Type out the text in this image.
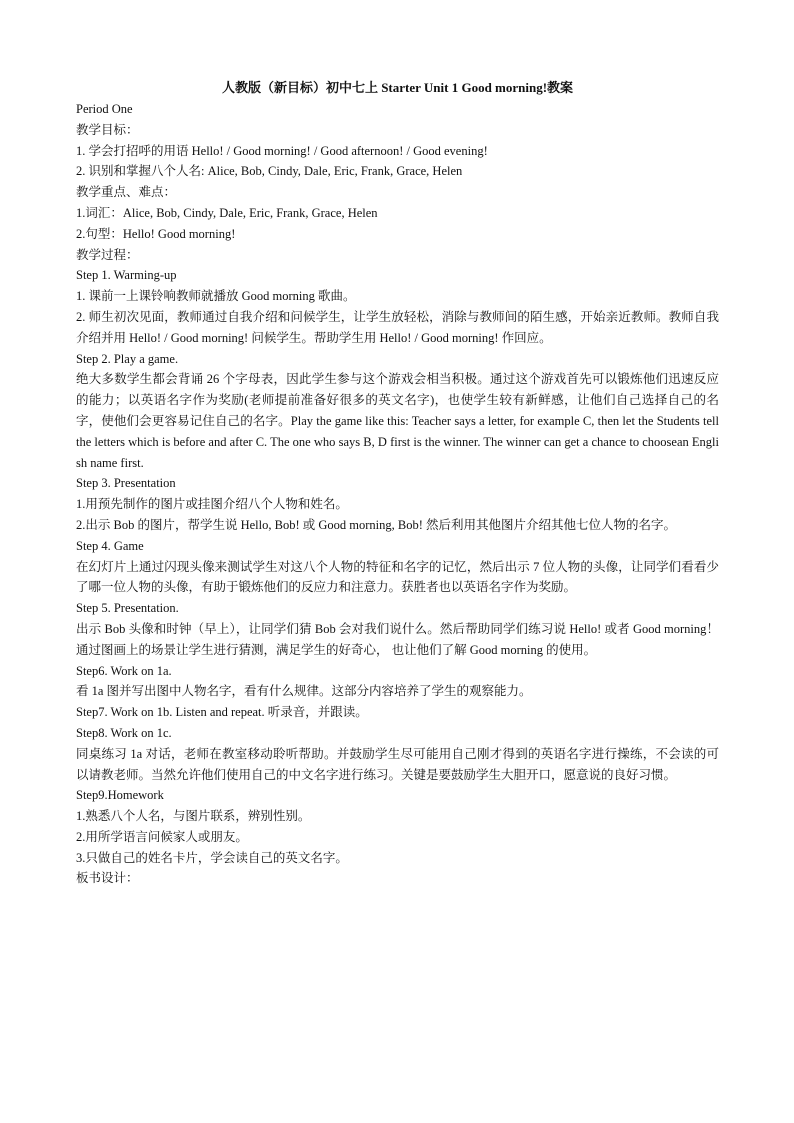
人教版（新目标）初中七上 Starter Unit 1 Good morning!教案

Period One

教学目标：

1. 学会打招呼的用语 Hello! / Good morning! / Good afternoon! / Good evening!

2. 识别和掌握八个人名: Alice, Bob, Cindy, Dale, Eric, Frank, Grace, Helen

教学重点、难点：

1.词汇：Alice, Bob, Cindy, Dale, Eric, Frank, Grace, Helen

2.句型：Hello! Good morning!

教学过程：

Step 1. Warming-up

1. 课前一上课铃响教师就播放 Good morning 歌曲。

2. 师生初次见面，教师通过自我介绍和问候学生，让学生放轻松，消除与教师间的陌生感，开始亲近教师。教师自我介绍并用 Hello! / Good morning! 问候学生。帮助学生用 Hello! / Good morning! 作回应。

Step 2. Play a game.

绝大多数学生都会背诵 26 个字母表，因此学生参与这个游戏会相当积极。通过这个游戏首先可以锻炼他们迅速反应的能力；以英语名字作为奖励(老师提前准备好很多的英文名字)，也使学生较有新鲜感，让他们自己选择自己的名字，使他们会更容易记住自己的名字。Play the game like this: Teacher says a letter, for example C, then let the Students tell the letters which is before and after C. The one who says B, D first is the winner. The winner can get a chance to choosean English name first.

Step 3. Presentation

1.用预先制作的图片或挂图介绍八个人物和姓名。

2.出示 Bob 的图片，帮学生说 Hello, Bob! 或 Good morning, Bob! 然后利用其他图片介绍其他七位人物的名字。

Step 4. Game

在幻灯片上通过闪现头像来测试学生对这八个人物的特征和名字的记忆，然后出示 7 位人物的头像，让同学们看看少了哪一位人物的头像，有助于锻炼他们的反应力和注意力。获胜者也以英语名字作为奖励。

Step 5. Presentation.

出示 Bob 头像和时钟（早上），让同学们猜 Bob 会对我们说什么。然后帮助同学们练习说 Hello! 或者 Good morning！通过图画上的场景让学生进行猜测，满足学生的好奇心， 也让他们了解 Good morning 的使用。

Step6. Work on 1a.

看 1a 图并写出图中人物名字，看有什么规律。这部分内容培养了学生的观察能力。

Step7. Work on 1b. Listen and repeat. 听录音，并跟读。

Step8. Work on 1c.

同桌练习 1a 对话，老师在教室移动聆听帮助。并鼓励学生尽可能用自己刚才得到的英语名字进行操练，不会读的可以请教老师。当然允许他们使用自己的中文名字进行练习。关键是要鼓励学生大胆开口，愿意说的良好习惯。

Step9.Homework

1.熟悉八个人名，与图片联系，辨别性别。

2.用所学语言问候家人或朋友。

3.只做自己的姓名卡片，学会读自己的英文名字。

板书设计：
